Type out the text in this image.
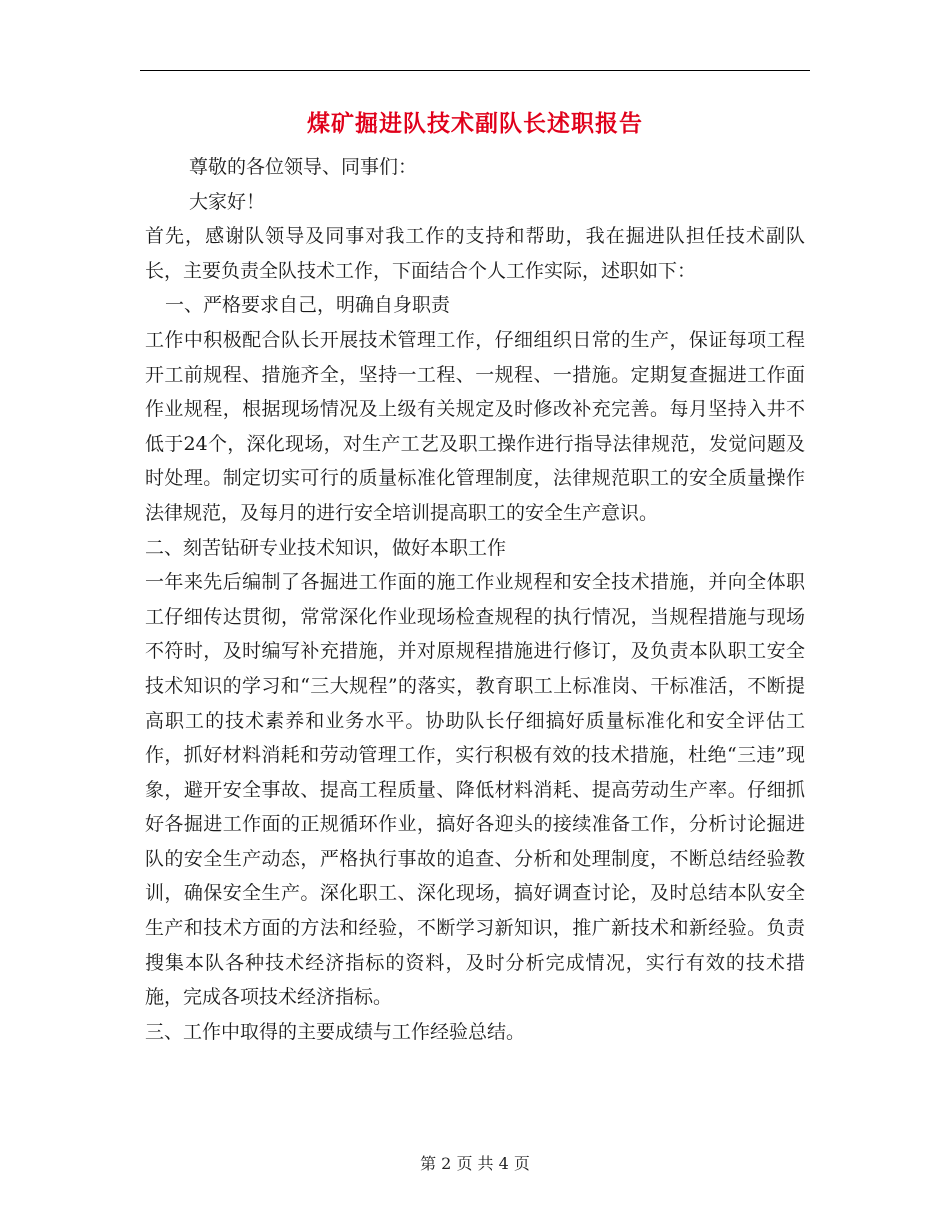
煤矿掘进队技术副队长述职报告

尊敬的各位领导、同事们：

大家好！

首先，感谢队领导及同事对我工作的支持和帮助，我在掘进队担任技术副队长，主要负责全队技术工作，下面结合个人工作实际，述职如下：

一、严格要求自己，明确自身职责

工作中积极配合队长开展技术管理工作，仔细组织日常的生产，保证每项工程开工前规程、措施齐全，坚持一工程、一规程、一措施。定期复查掘进工作面作业规程，根据现场情况及上级有关规定及时修改补充完善。每月坚持入井不低于24个，深化现场，对生产工艺及职工操作进行指导法律规范，发觉问题及时处理。制定切实可行的质量标准化管理制度，法律规范职工的安全质量操作法律规范，及每月的进行安全培训提高职工的安全生产意识。

二、刻苦钻研专业技术知识，做好本职工作

一年来先后编制了各掘进工作面的施工作业规程和安全技术措施，并向全体职工仔细传达贯彻，常常深化作业现场检查规程的执行情况，当规程措施与现场不符时，及时编写补充措施，并对原规程措施进行修订，及负责本队职工安全技术知识的学习和“三大规程”的落实，教育职工上标准岗、干标准活，不断提高职工的技术素养和业务水平。协助队长仔细搞好质量标准化和安全评估工作，抓好材料消耗和劳动管理工作，实行积极有效的技术措施，杜绝“三违”现象，避开安全事故、提高工程质量、降低材料消耗、提高劳动生产率。仔细抓好各掘进工作面的正规循环作业，搞好各迎头的接续准备工作，分析讨论掘进队的安全生产动态，严格执行事故的追查、分析和处理制度，不断总结经验教训，确保安全生产。深化职工、深化现场，搞好调查讨论，及时总结本队安全生产和技术方面的方法和经验，不断学习新知识，推广新技术和新经验。负责搜集本队各种技术经济指标的资料，及时分析完成情况，实行有效的技术措施，完成各项技术经济指标。

三、工作中取得的主要成绩与工作经验总结。

第 2 页 共 4 页
